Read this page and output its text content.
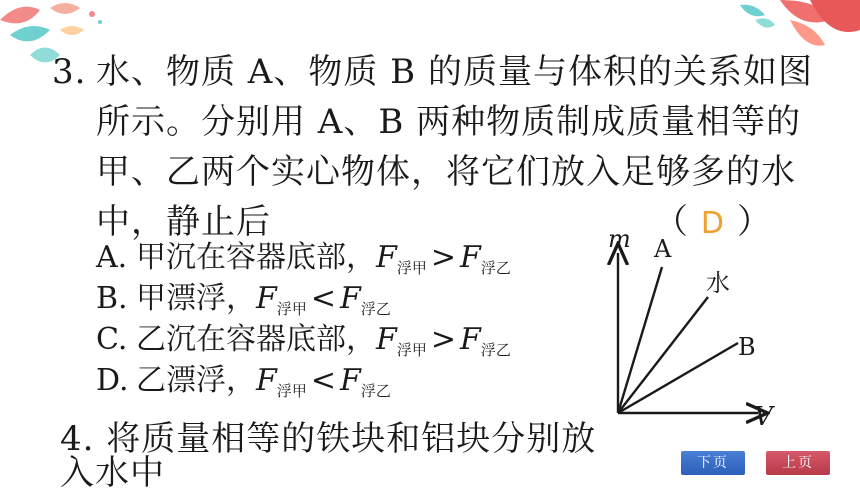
3. 水、物质 A、物质 B 的质量与体积的关系如图
所示。分别用 A、B 两种物质制成质量相等的
甲、乙两个实心物体，将它们放入足够多的水
中，静止后	（ D ）
A. 甲沉在容器底部，$F_{浮甲} > F_{浮乙}$
B. 甲漂浮，$F_{浮甲} < F_{浮乙}$
C. 乙沉在容器底部，$F_{浮甲} > F_{浮乙}$
D. 乙漂浮，$F_{浮甲} < F_{浮乙}$
m
V
A
水
B
4. 将质量相等的铁块和铝块分别放入水中	下页	上页
